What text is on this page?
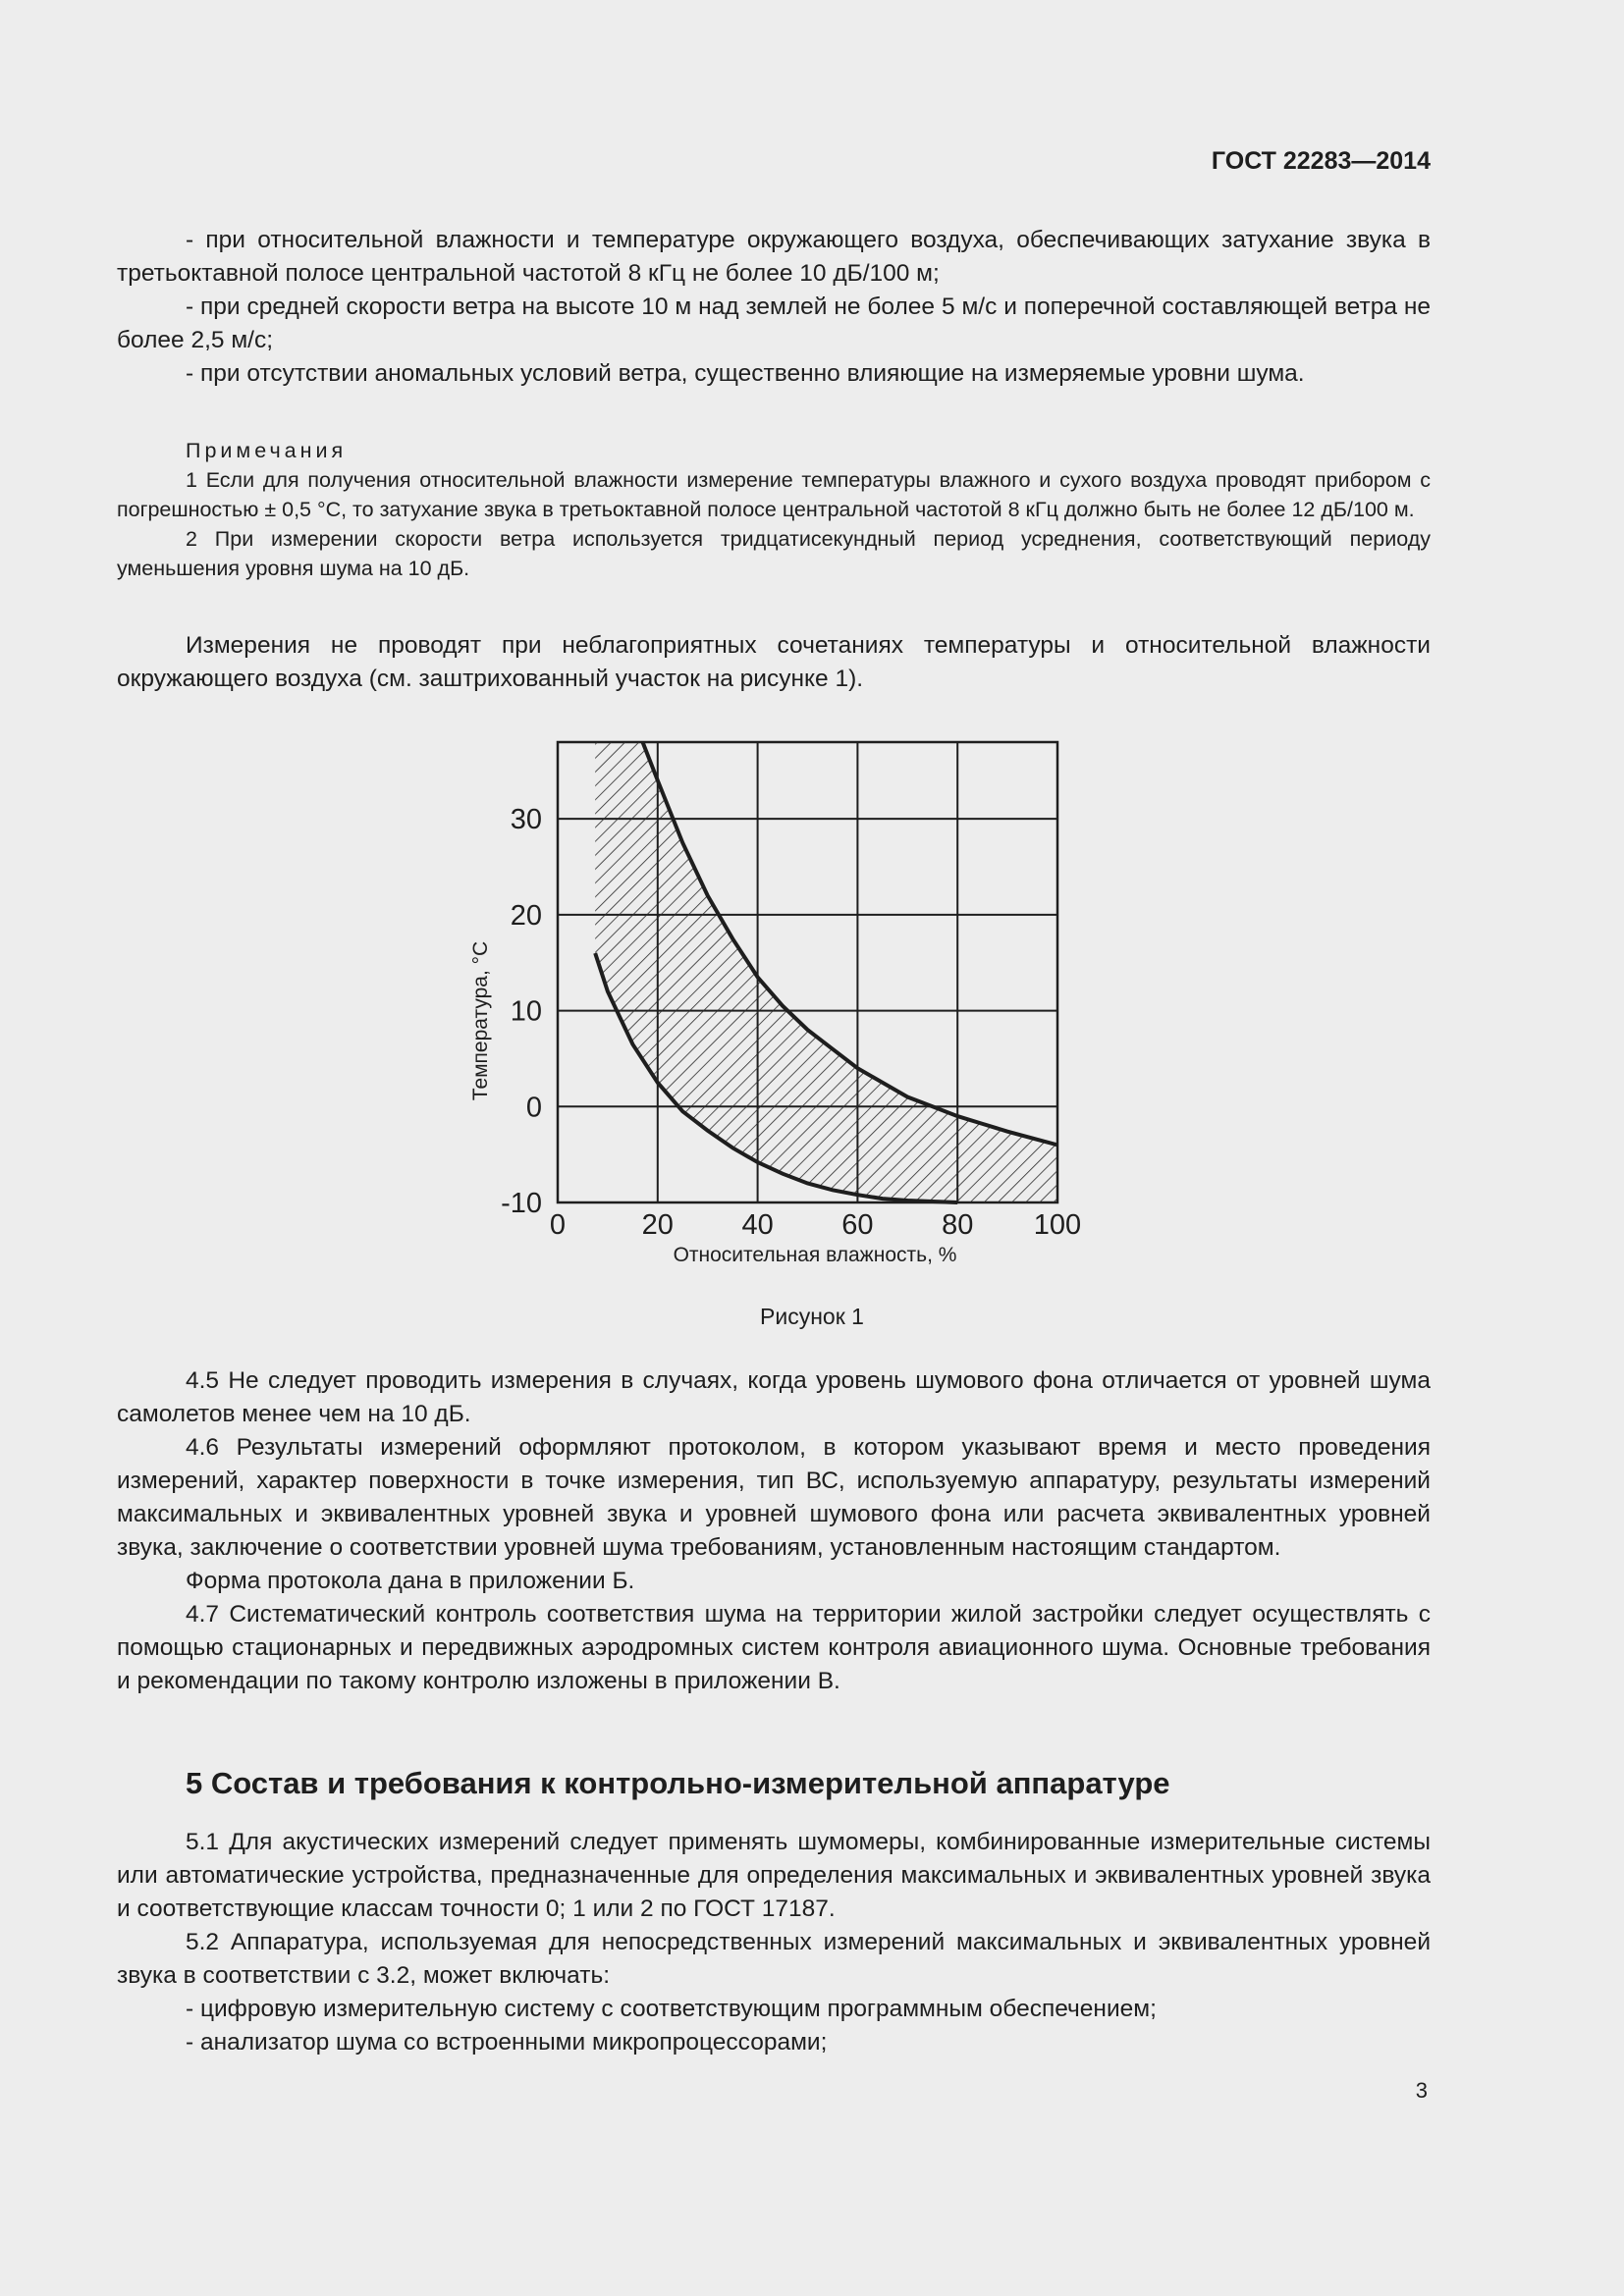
ГОСТ 22283—2014

- при относительной влажности и температуре окружающего воздуха, обеспечивающих затухание звука в третьоктавной полосе центральной частотой 8 кГц не более 10 дБ/100 м;

- при средней скорости ветра на высоте 10 м над землей не более 5 м/с и поперечной составляющей ветра не более 2,5 м/с;

- при отсутствии аномальных условий ветра, существенно влияющие на измеряемые уровни шума.

Примечания

1 Если для получения относительной влажности измерение температуры влажного и сухого воздуха проводят прибором с погрешностью ± 0,5 °С, то затухание звука в третьоктавной полосе центральной частотой 8 кГц должно быть не более 12 дБ/100 м.

2 При измерении скорости ветра используется тридцатисекундный период усреднения, соответствующий периоду уменьшения уровня шума на 10 дБ.

Измерения не проводят при неблагоприятных сочетаниях температуры и относительной влажности окружающего воздуха (см. заштрихованный участок на рисунке 1).

0	20 40 60 80 100
-10
0
10
20
30
Относительная влажность, %
Температура, °С
Рисунок 1

4.5 Не следует проводить измерения в случаях, когда уровень шумового фона отличается от уровней шума самолетов менее чем на 10 дБ.

4.6 Результаты измерений оформляют протоколом, в котором указывают время и место проведения измерений, характер поверхности в точке измерения, тип ВС, используемую аппаратуру, результаты измерений максимальных и эквивалентных уровней звука и уровней шумового фона или расчета эквивалентных уровней звука, заключение о соответствии уровней шума требованиям, установленным настоящим стандартом.

Форма протокола дана в приложении Б.

4.7 Систематический контроль соответствия шума на территории жилой застройки следует осуществлять с помощью стационарных и передвижных аэродромных систем контроля авиационного шума. Основные требования и рекомендации по такому контролю изложены в приложении В.

5 Состав и требования к контрольно-измерительной аппаратуре

5.1 Для акустических измерений следует применять шумомеры, комбинированные измерительные системы или автоматические устройства, предназначенные для определения максимальных и эквивалентных уровней звука и соответствующие классам точности 0; 1 или 2 по ГОСТ 17187.

5.2 Аппаратура, используемая для непосредственных измерений максимальных и эквивалентных уровней звука в соответствии с 3.2, может включать:

- цифровую измерительную систему с соответствующим программным обеспечением;

- анализатор шума со встроенными микропроцессорами;

3
